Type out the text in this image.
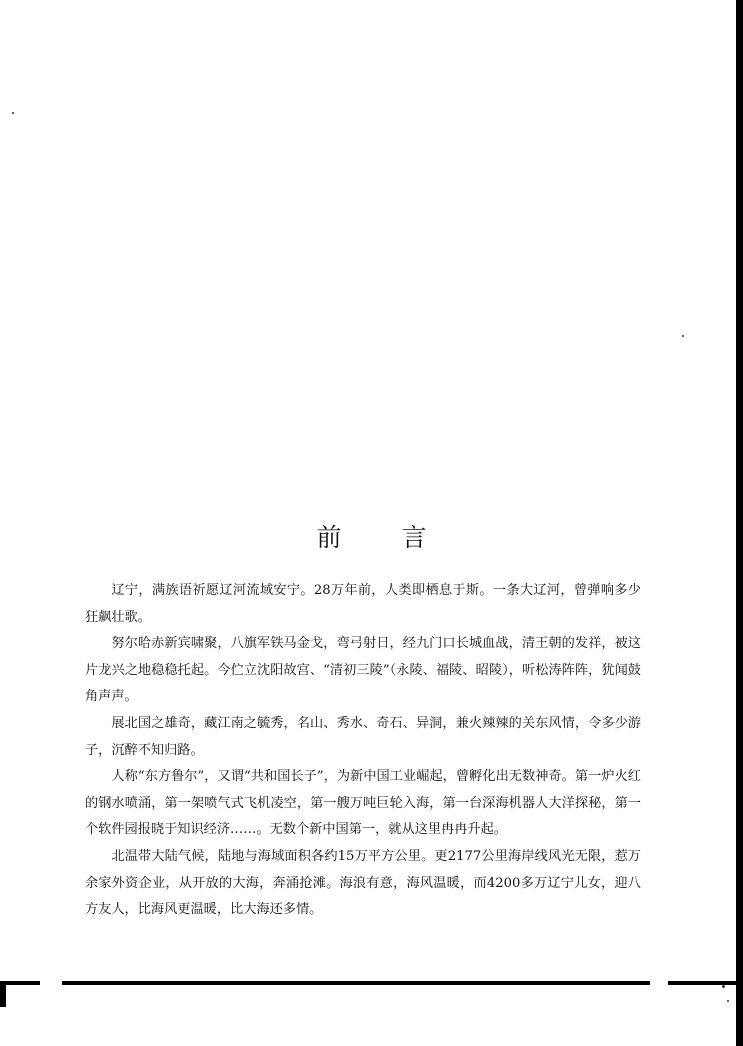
前 言

辽宁，满族语祈愿辽河流域安宁。28万年前，人类即栖息于斯。一条大辽河，曾弹响多少狂飙壮歌。

努尔哈赤新宾啸聚，八旗军铁马金戈，弯弓射日，经九门口长城血战，清王朝的发祥，被这片龙兴之地稳稳托起。今伫立沈阳故宫、“清初三陵”（永陵、福陵、昭陵），听松涛阵阵，犹闻鼓角声声。

展北国之雄奇，藏江南之毓秀，名山、秀水、奇石、异洞，兼火辣辣的关东风情，令多少游子，沉醉不知归路。

人称“东方鲁尔”，又谓“共和国长子”，为新中国工业崛起，曾孵化出无数神奇。第一炉火红的钢水喷涌，第一架喷气式飞机凌空，第一艘万吨巨轮入海，第一台深海机器人大洋探秘，第一个软件园报晓于知识经济……。无数个新中国第一，就从这里冉冉升起。

北温带大陆气候，陆地与海域面积各约15万平方公里。更2177公里海岸线风光无限，惹万余家外资企业，从开放的大海，奔涌抢滩。海浪有意，海风温暖，而4200多万辽宁儿女，迎八方友人，比海风更温暖，比大海还多情。
